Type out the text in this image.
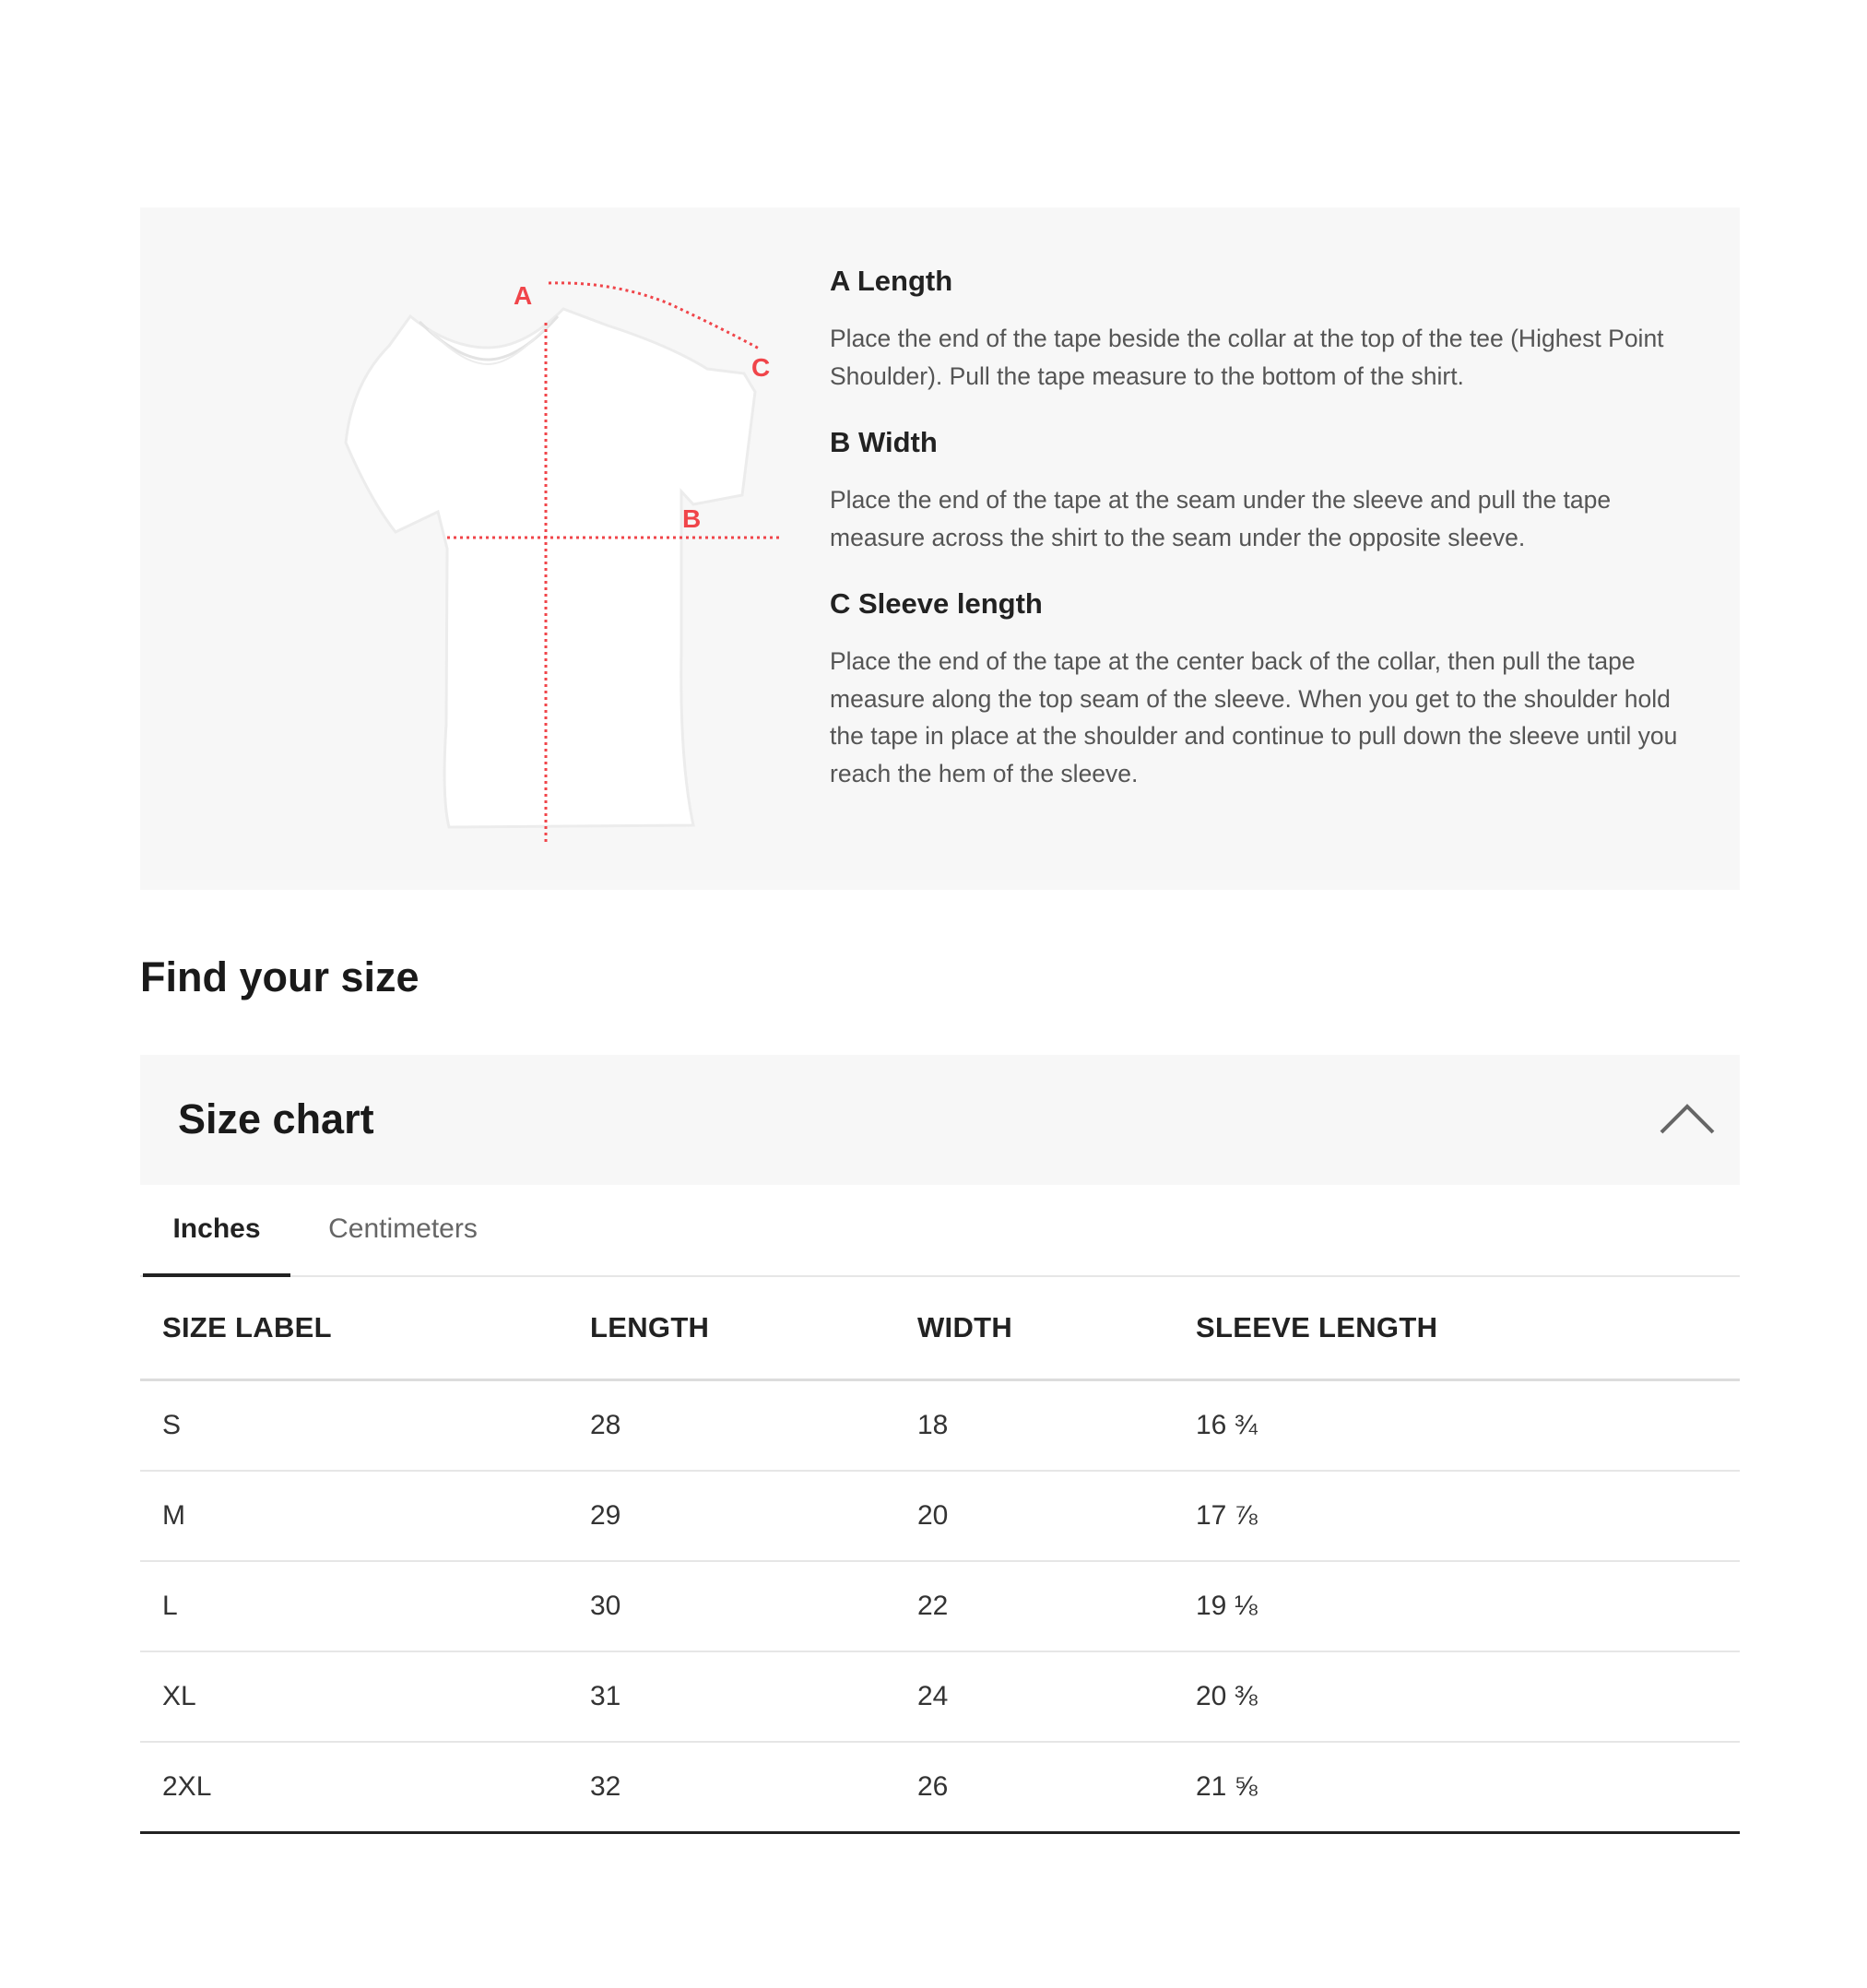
A
B
C

A Length

Place the end of the tape beside the collar at the top of the tee (Highest Point Shoulder). Pull the tape measure to the bottom of the shirt.

B Width

Place the end of the tape at the seam under the sleeve and pull the tape measure across the shirt to the seam under the opposite sleeve.

C Sleeve length

Place the end of the tape at the center back of the collar, then pull the tape measure along the top seam of the sleeve. When you get to the shoulder hold the tape in place at the shoulder and continue to pull down the sleeve until you reach the hem of the sleeve.

Find your size
Size chart
Inches	Centimeters
SIZE LABEL	LENGTH	WIDTH	SLEEVE LENGTH
S	28	18	16 ¾
M	29	20	17 ⅞
L	30	22	19 ⅛
XL	31	24	20 ⅜
2XL	32	26	21 ⅝
